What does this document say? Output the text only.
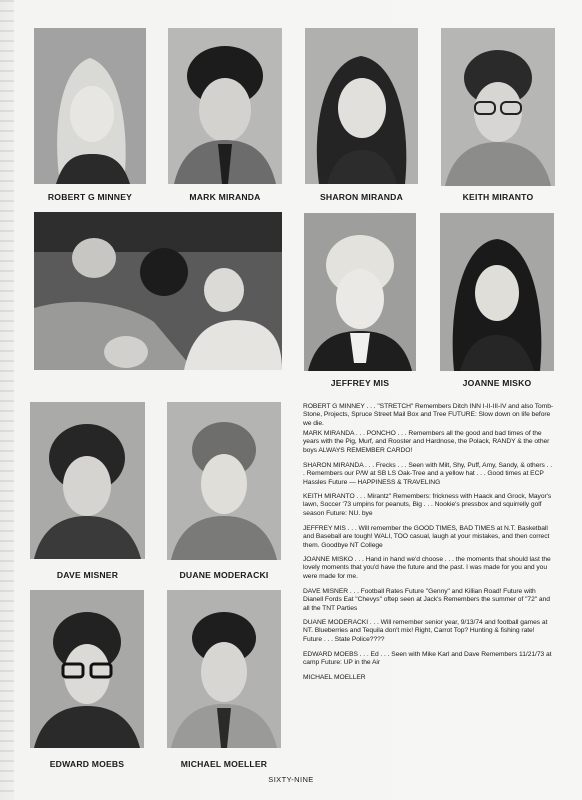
ROBERT G MINNEY	MARK MIRANDA	SHARON MIRANDA	KEITH MIRANTO
JEFFREY MIS	JOANNE MISKO
DAVE MISNER	DUANE MODERACKI
EDWARD MOEBS	MICHAEL MOELLER
ROBERT G MINNEY . . . "STRETCH" Remembers Ditch INN I-II-III-IV and also Tomb-Stone, Projects, Spruce Street Mail Box and Tree FUTURE: Slow down on life before we die.
MARK MIRANDA . . . PONCHO . . . Remembers all the good and bad times of the years with the Pig, Murf, and Rooster and Hardnose, the Polack, RANDY & the other boys ALWAYS REMEMBER CARDO!
SHARON MIRANDA . . . Frecks . . . Seen with Milt, Shy, Puff, Amy, Sandy, & others . . . Remembers our P/W at SB LS Oak-Tree and a yellow hat . . . Good times at ECP Hassles Future — HAPPINESS & TRAVELING
KEITH MIRANTO . . . Mirantz" Remembers: frickness with Haack and Grock, Mayor's lawn, Soccer '73 umpins for peanuts, Big . . . Nookie's pressbox and squirrelly golf season Future: NU. bye
JEFFREY MIS . . . Will remember the GOOD TIMES, BAD TIMES at N.T. Basketball and Baseball are tough! WALI, TOO casual, laugh at your mistakes, and then correct them. Goodbye NT College
JOANNE MISKO . . . Hand in hand we'd choose . . . the moments that should last the lovely moments that you'd have the future and the past. I was made for you and you were made for me.
DAVE MISNER . . . Football Rates Future "Genny" and Killian Road! Future with Dianell Fords Eat "Chevys" oftep seen at Jack's Remembers the summer of "72" and all the TNT Parties
DUANE MODERACKI . . . Will remember senior year, 9/13/74 and football games at NT. Blueberries and Tequila don't mix! Right, Carrot Top? Hunting & fishing rate! Future . . . State Police????
EDWARD MOEBS . . . Ed . . . Seen with Mike Karl and Dave Remembers 11/21/73 at camp Future: UP in the Air
MICHAEL MOELLER
SIXTY-NINE
